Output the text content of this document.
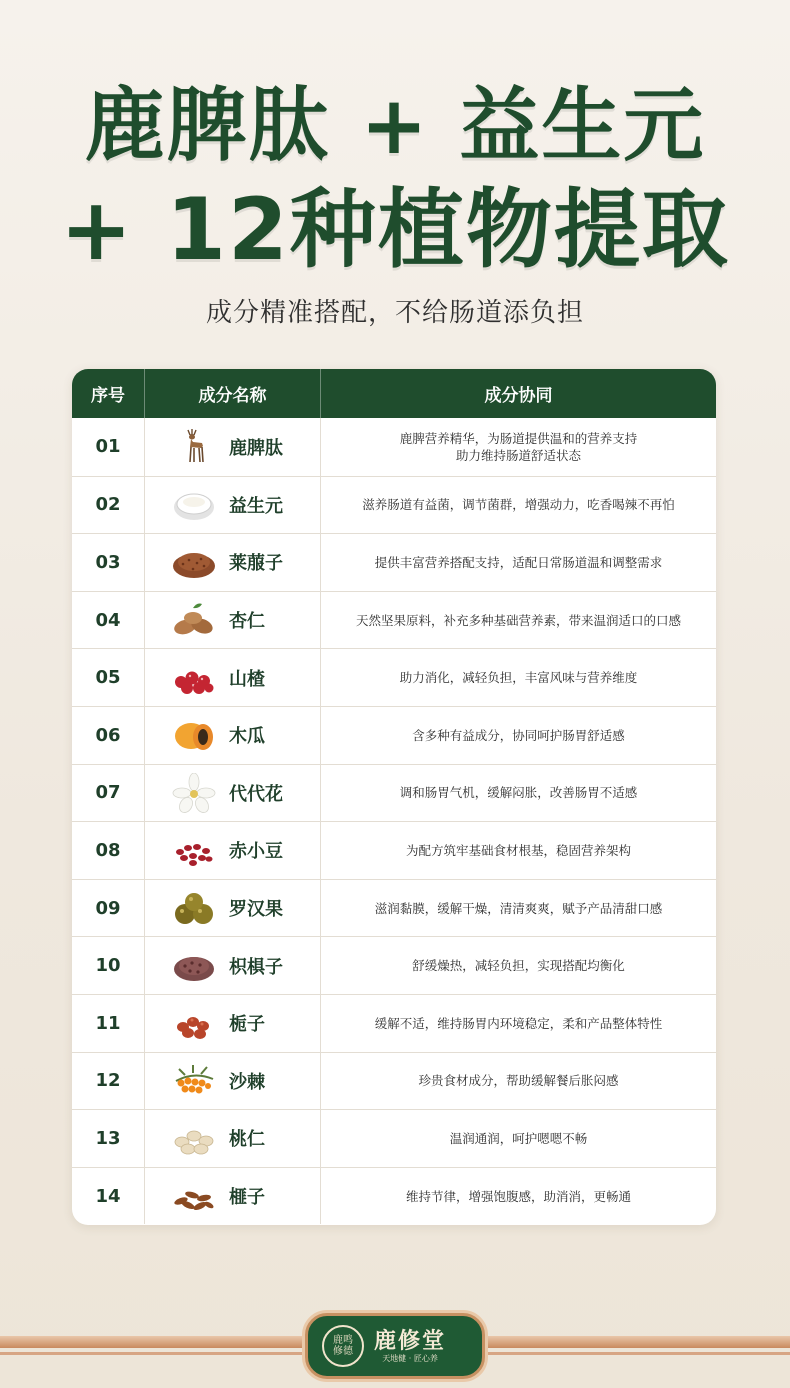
鹿脾肽 + 益生元
+ 12种植物提取
成分精准搭配，不给肠道添负担
序号	成分名称	成分协同
01	鹿脾肽	鹿脾营养精华，为肠道提供温和的营养支持
助力维持肠道舒适状态
02	益生元	滋养肠道有益菌，调节菌群，增强动力，吃香喝辣不再怕
03	莱菔子	提供丰富营养搭配支持，适配日常肠道温和调整需求
04	杏仁	天然坚果原料，补充多种基础营养素，带来温润适口的口感
05	山楂	助力消化，减轻负担，丰富风味与营养维度
06	木瓜	含多种有益成分，协同呵护肠胃舒适感
07	代代花	调和肠胃气机，缓解闷胀，改善肠胃不适感
08	赤小豆	为配方筑牢基础食材根基，稳固营养架构
09	罗汉果	滋润黏膜，缓解干燥，清清爽爽，赋予产品清甜口感
10	枳椇子	舒缓燥热，减轻负担，实现搭配均衡化
11	栀子	缓解不适，维持肠胃内环境稳定，柔和产品整体特性
12	沙棘	珍贵食材成分，帮助缓解餐后胀闷感
13	桃仁	温润通润，呵护嗯嗯不畅
14	榧子	维持节律，增强饱腹感，助消消，更畅通
鹿鸣修德 鹿修堂
天地健 · 匠心养
